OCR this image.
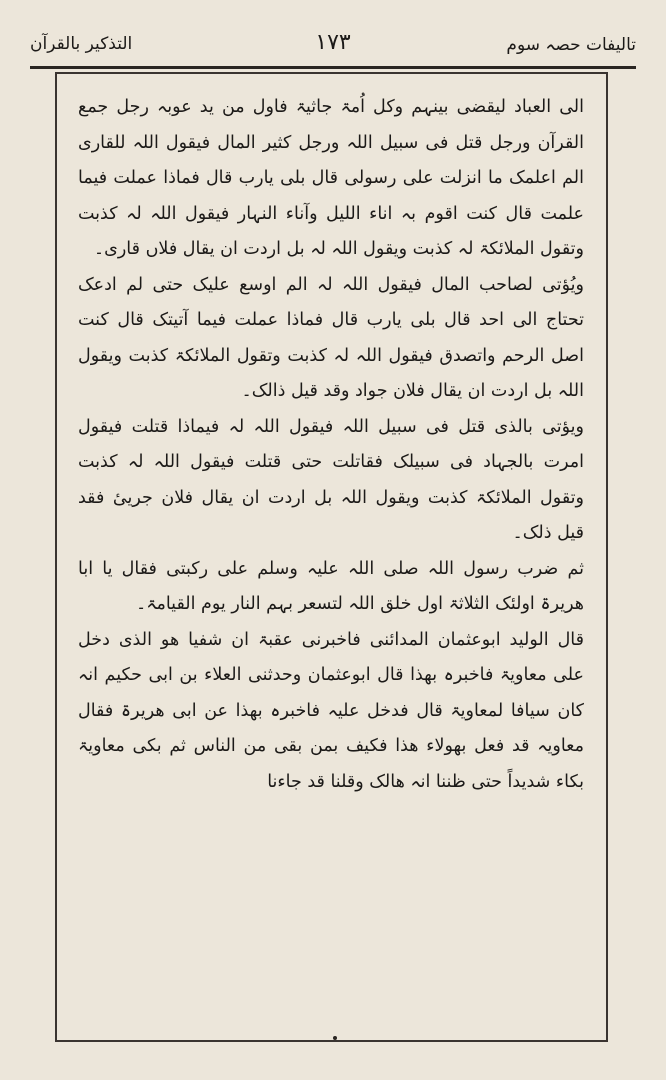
تالیفات حصہ سوم
۱۷۳
التذکیر بالقرآن

الی العباد لیقضی بینہم وکل اُمۃ جاثیۃ فاول من ید عوبہ رجل جمع القرآن ورجل قتل فی سبیل اللہ ورجل کثیر المال فیقول اللہ للقاری الم اعلمک ما انزلت علی رسولی قال بلی یارب قال فماذا عملت فیما علمت قال کنت اقوم بہ اناء اللیل وآناء النہار فیقول اللہ لہ کذبت وتقول الملائکۃ لہ کذبت ویقول اللہ لہ بل اردت ان یقال فلاں قاری۔

ویُؤتی لصاحب المال فیقول اللہ لہ الم اوسع علیک حتی لم ادعک تحتاج الی احد قال بلی یارب قال فماذا عملت فیما آتیتک قال کنت اصل الرحم واتصدق فیقول اللہ لہ کذبت وتقول الملائکۃ کذبت ویقول اللہ بل اردت ان یقال فلان جواد وقد قیل ذالک۔

ویؤتی بالذی قتل فی سبیل اللہ فیقول اللہ لہ فیماذا قتلت فیقول امرت بالجہاد فی سبیلک فقاتلت حتی قتلت فیقول اللہ لہ کذبت وتقول الملائکۃ کذبت ویقول اللہ بل اردت ان یقال فلان جرییٔ فقد قیل ذلک۔

ثم ضرب رسول اللہ صلی اللہ علیہ وسلم علی رکبتی فقال یا ابا ھریرۃ اولئک الثلاثۃ اول خلق اللہ لتسعر بہم النار یوم القیامۃ۔

قال الولید ابوعثمان المدائنی فاخبرنی عقبۃ ان شفیا ھو الذی دخل علی معاویۃ فاخبرہ بھذا قال ابوعثمان وحدثنی العلاء بن ابی حکیم انہ کان سیافا لمعاویۃ قال فدخل علیہ فاخبرہ بھذا عن ابی ھریرۃ فقال معاویہ قد فعل بھولاء ھذا فکیف بمن بقی من الناس ثم بکی معاویۃ بکاء شدیداً حتی ظننا انہ ھالک وقلنا قد جاءنا
